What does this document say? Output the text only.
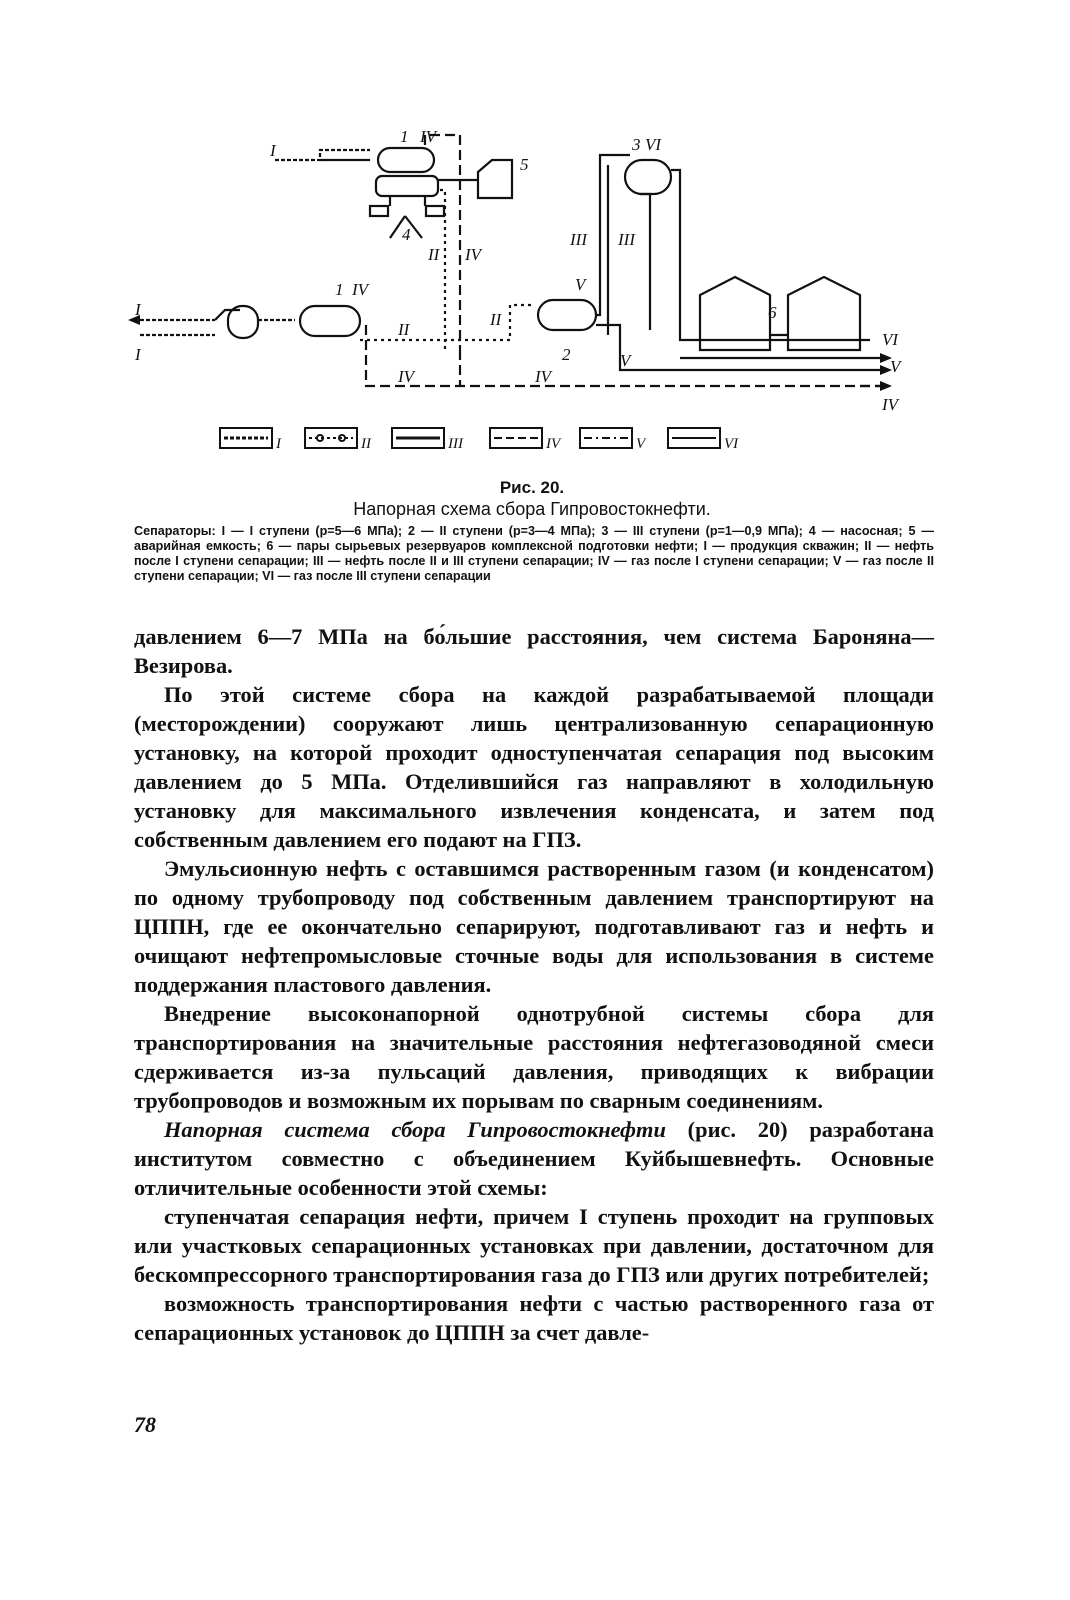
I
I
I
1 IV
5
4
II IV
1 IV
II
II
2
V
III III
3 VI
6
IV	IV
V
VI
V
IV
I	II	III	IV	V	VI
Рис. 20.
Напорная схема сбора Гипровостокнефти.
Сепараторы: I — I ступени (p=5—6 МПа); 2 — II ступени (p=3—4 МПа); 3 — III ступени (p=1—0,9 МПа); 4 — насосная; 5 — аварийная емкость; 6 — пары сырьевых резервуаров комплексной подготовки нефти; I — продукция скважин; II — нефть после I ступени сепарации; III — нефть после II и III ступени сепарации; IV — газ после I ступени сепарации; V — газ после II ступени сепарации; VI — газ после III ступени сепарации

давлением 6—7 МПа на бо́льшие расстояния, чем система Бароняна—Везирова.

По этой системе сбора на каждой разрабатываемой площади (месторождении) сооружают лишь централизованную сепарационную установку, на которой проходит одноступенчатая сепарация под высоким давлением до 5 МПа. Отделившийся газ направляют в холодильную установку для максимального извлечения конденсата, и затем под собственным давлением его подают на ГПЗ.

Эмульсионную нефть с оставшимся растворенным газом (и конденсатом) по одному трубопроводу под собственным давлением транспортируют на ЦППН, где ее окончательно сепарируют, подготавливают газ и нефть и очищают нефтепромысловые сточные воды для использования в системе поддержания пластового давления.

Внедрение высоконапорной однотрубной системы сбора для транспортирования на значительные расстояния нефтегазоводяной смеси сдерживается из-за пульсаций давления, приводящих к вибрации трубопроводов и возможным их порывам по сварным соединениям.

Напорная система сбора Гипровостокнефти (рис. 20) разработана институтом совместно с объединением Куйбышевнефть. Основные отличительные особенности этой схемы:

ступенчатая сепарация нефти, причем I ступень проходит на групповых или участковых сепарационных установках при давлении, достаточном для бескомпрессорного транспортирования газа до ГПЗ или других потребителей;

возможность транспортирования нефти с частью растворенного газа от сепарационных установок до ЦППН за счет давле-

78
